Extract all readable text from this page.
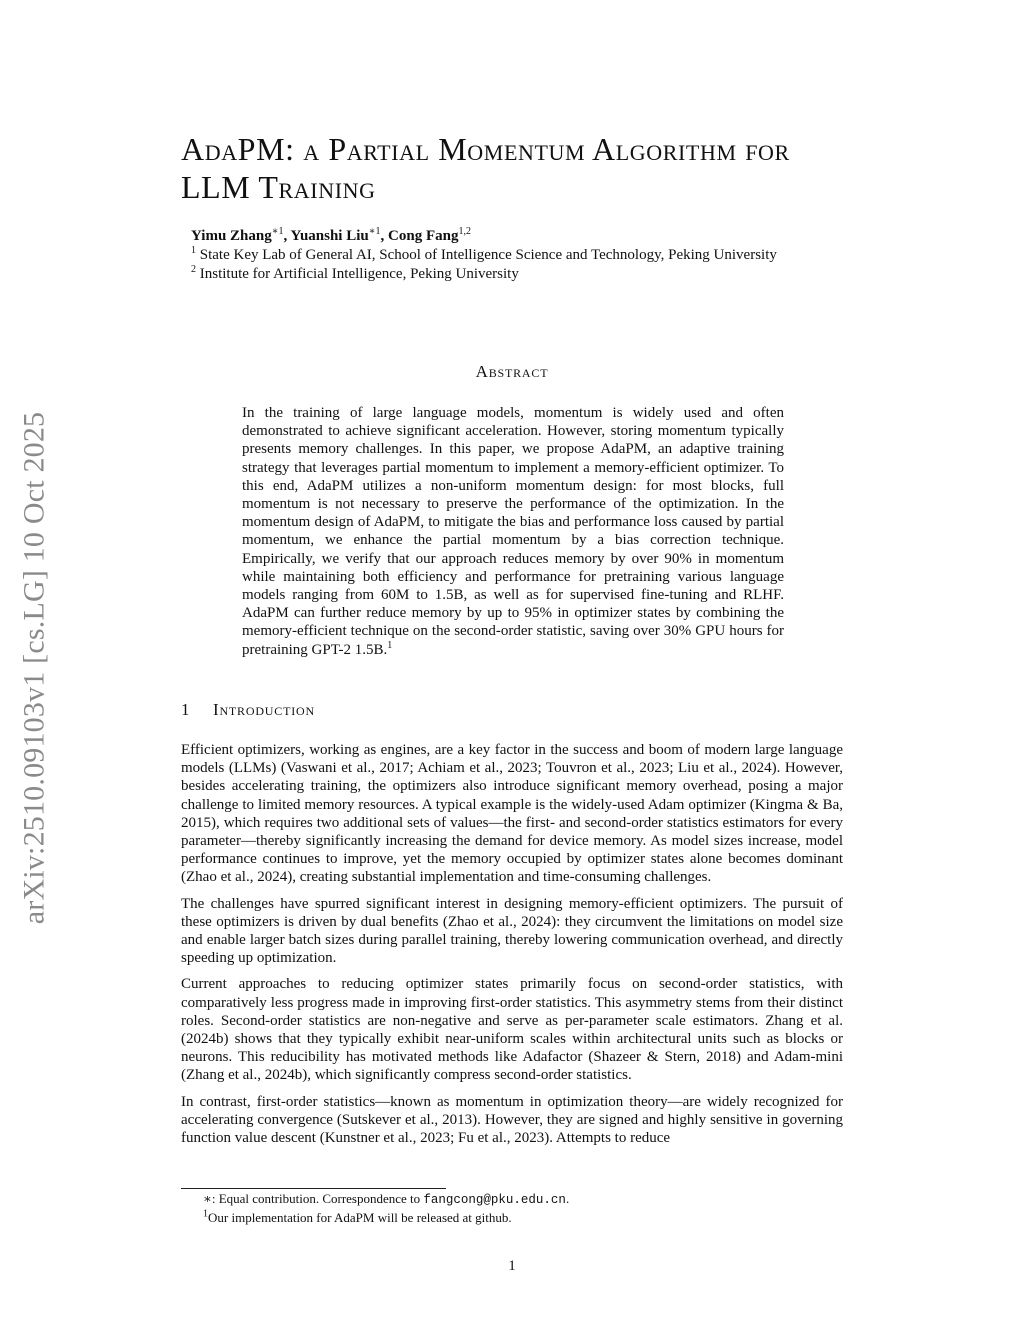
arXiv:2510.09103v1 [cs.LG] 10 Oct 2025
AdaPM: a Partial Momentum Algorithm for LLM Training
Yimu Zhang$^{∗1}$, Yuanshi Liu$^{∗1}$, Cong Fang$^{1,2}$
$^1$ State Key Lab of General AI, School of Intelligence Science and Technology, Peking University
$^2$ Institute for Artificial Intelligence, Peking University
Abstract

In the training of large language models, momentum is widely used and often demonstrated to achieve significant acceleration. However, storing momentum typically presents memory challenges. In this paper, we propose AdaPM, an adaptive training strategy that leverages partial momentum to implement a memory-efficient optimizer. To this end, AdaPM utilizes a non-uniform momentum design: for most blocks, full momentum is not necessary to preserve the performance of the optimization. In the momentum design of AdaPM, to mitigate the bias and performance loss caused by partial momentum, we enhance the partial momentum by a bias correction technique. Empirically, we verify that our approach reduces memory by over 90% in momentum while maintaining both efficiency and performance for pretraining various language models ranging from 60M to 1.5B, as well as for supervised fine-tuning and RLHF. AdaPM can further reduce memory by up to 95% in optimizer states by combining the memory-efficient technique on the second-order statistic, saving over 30% GPU hours for pretraining GPT-2 1.5B.$^1$

1 Introduction

Efficient optimizers, working as engines, are a key factor in the success and boom of modern large language models (LLMs) (Vaswani et al., 2017; Achiam et al., 2023; Touvron et al., 2023; Liu et al., 2024). However, besides accelerating training, the optimizers also introduce significant memory overhead, posing a major challenge to limited memory resources. A typical example is the widely-used Adam optimizer (Kingma & Ba, 2015), which requires two additional sets of values—the first- and second-order statistics estimators for every parameter—thereby significantly increasing the demand for device memory. As model sizes increase, model performance continues to improve, yet the memory occupied by optimizer states alone becomes dominant (Zhao et al., 2024), creating substantial implementation and time-consuming challenges.

The challenges have spurred significant interest in designing memory-efficient optimizers. The pursuit of these optimizers is driven by dual benefits (Zhao et al., 2024): they circumvent the limitations on model size and enable larger batch sizes during parallel training, thereby lowering communication overhead, and directly speeding up optimization.

Current approaches to reducing optimizer states primarily focus on second-order statistics, with comparatively less progress made in improving first-order statistics. This asymmetry stems from their distinct roles. Second-order statistics are non-negative and serve as per-parameter scale estimators. Zhang et al. (2024b) shows that they typically exhibit near-uniform scales within architectural units such as blocks or neurons. This reducibility has motivated methods like Adafactor (Shazeer & Stern, 2018) and Adam-mini (Zhang et al., 2024b), which significantly compress second-order statistics.

In contrast, first-order statistics—known as momentum in optimization theory—are widely recognized for accelerating convergence (Sutskever et al., 2013). However, they are signed and highly sensitive in governing function value descent (Kunstner et al., 2023; Fu et al., 2023). Attempts to reduce

∗: Equal contribution. Correspondence to fangcong@pku.edu.cn.
$^1$Our implementation for AdaPM will be released at github.
1
